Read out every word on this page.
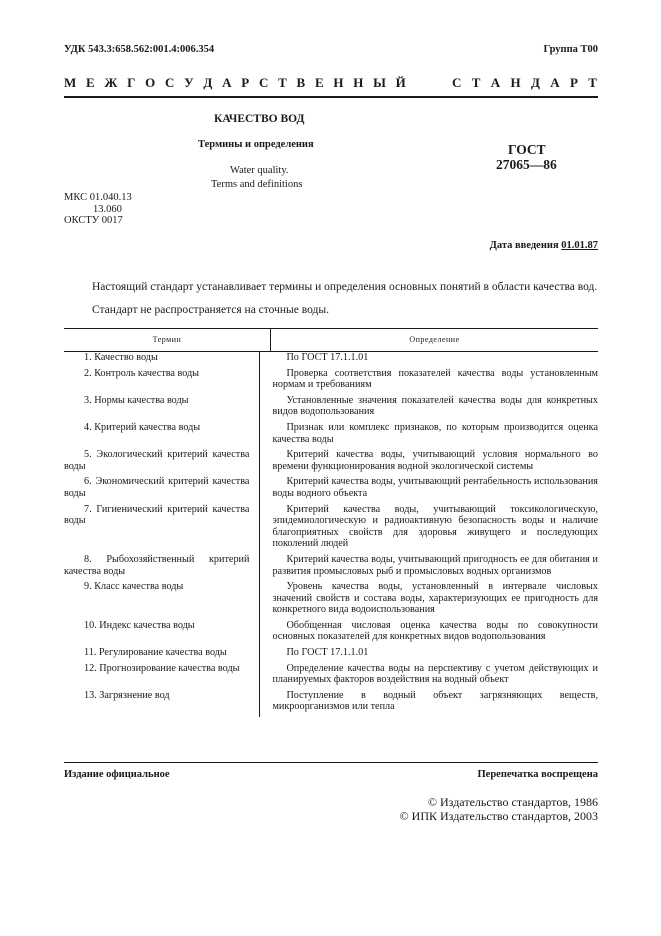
УДК 543.3:658.562:001.4:006.354	Группа Т00
М Е Ж Г О С У Д А Р С Т В Е Н Н Ы Й	С Т А Н Д А Р Т
КАЧЕСТВО ВОД
Термины и определения
Water quality.
Terms and definitions
ГОСТ
27065—86
МКС 01.040.13
13.060
ОКСТУ 0017
Дата введения 01.01.87
Настоящий стандарт устанавливает термины и определения основных понятий в области качества вод.
Стандарт не распространяется на сточные воды.
Термин	Определение
1. Качество воды	По ГОСТ 17.1.1.01

2. Контроль качества воды	Проверка соответствия показателей качества воды установленным нормам и требованиям

3. Нормы качества воды	Установленные значения показателей качества воды для конкретных видов водопользования

4. Критерий качества воды	Признак или комплекс признаков, по которым производится оценка качества воды

5. Экологический критерий качества воды	Критерий качества воды, учитывающий условия нормального во времени функционирования водной экологической системы

6. Экономический критерий качества воды	Критерий качества воды, учитывающий рентабельность использования воды водного объекта

7. Гигиенический критерий качества воды	Критерий качества воды, учитывающий токсикологическую, эпидемиологическую и радиоактивную безопасность воды и наличие благоприятных свойств для здоровья живущего и последующих поколений людей

8. Рыбохозяйственный критерий качества воды	Критерий качества воды, учитывающий пригодность ее для обитания и развития промысловых рыб и промысловых водных организмов

9. Класс качества воды	Уровень качества воды, установленный в интервале числовых значений свойств и состава воды, характеризующих ее пригодность для конкретного вида водоиспользования

10. Индекс качества воды	Обобщенная числовая оценка качества воды по совокупности основных показателей для конкретных видов водопользования

11. Регулирование качества воды	По ГОСТ 17.1.1.01

12. Прогнозирование качества воды	Определение качества воды на перспективу с учетом действующих и планируемых факторов воздействия на водный объект

13. Загрязнение вод	Поступление в водный объект загрязняющих веществ, микроорганизмов или тепла
Издание официальное	Перепечатка воспрещена
© Издательство стандартов, 1986
© ИПК Издательство стандартов, 2003
